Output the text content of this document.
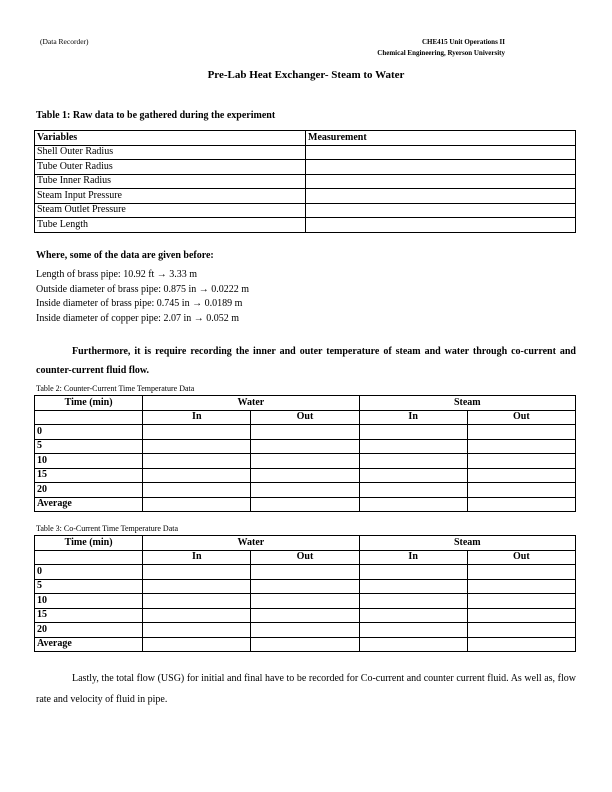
(Data Recorder)	CHE415 Unit Operations II
Chemical Engineering, Ryerson University
Pre-Lab Heat Exchanger- Steam to Water
Table 1: Raw data to be gathered during the experiment
Variables	Measurement
Shell Outer Radius	
Tube Outer Radius	
Tube Inner Radius	
Steam Input Pressure	
Steam Outlet Pressure	
Tube Length	
Where, some of the data are given before:
Length of brass pipe: 10.92 ft → 3.33 m
Outside diameter of brass pipe: 0.875 in → 0.0222 m
Inside diameter of brass pipe: 0.745 in → 0.0189 m
Inside diameter of copper pipe: 2.07 in → 0.052 m
Furthermore, it is require recording the inner and outer temperature of steam and water through co-current and counter-current fluid flow.
Table 2: Counter-Current Time Temperature Data
Time (min)	Water		Steam	
	In	Out	In	Out
0				
5				
10				
15				
20				
Average				
Table 3: Co-Current Time Temperature Data
Time (min)	Water		Steam	
	In	Out	In	Out
0				
5				
10				
15				
20				
Average				
Lastly, the total flow (USG) for initial and final have to be recorded for Co-current and counter current fluid. As well as, flow rate and velocity of fluid in pipe.
